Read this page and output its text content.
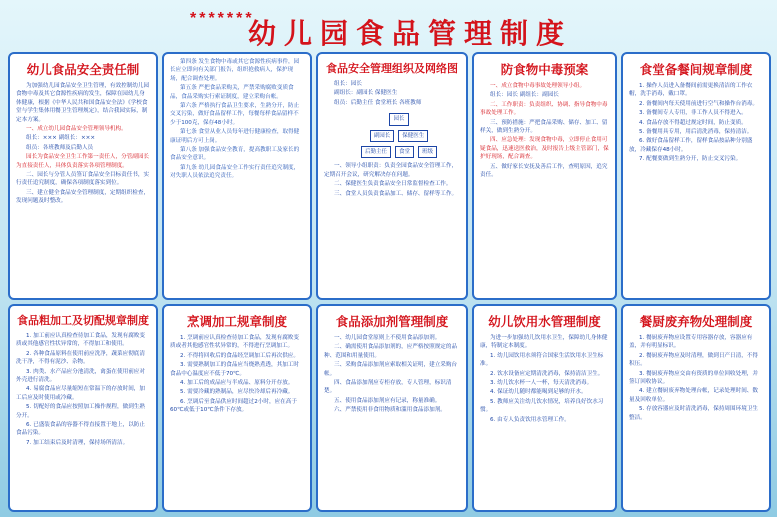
*******
幼儿园食品管理制度
幼儿食品安全责任制

为加强幼儿园食品安全卫生管理，有效控制幼儿园食物中毒及其它食源性疾病的发生，保障在园幼儿身体健康，根据《中华人民共和国食品安全法》《学校食堂与学生集体用餐卫生管理规定》，结合我园实际，制定本方案。

一、成立幼儿园食品安全管理领导机构。

组长：××× 副组长：×××

组员：各班教师及后勤人员

园长为食品安全卫生工作第一责任人，分管副园长为直接责任人，具体负责落实各项管理制度。

二、园长与分管人员签订食品安全目标责任书，实行责任追究制度，确保各项制度落实到位。

三、建立健全食品安全管理制度，定期组织检查，发现问题及时整改。

第四条 发生食物中毒或其它食源性疾病事件，园长应立即向有关部门报告，组织抢救病人，保护现场，配合调查处理。

第五条 严把食品采购关，严禁采购腐败变质食品，食品采购实行索证制度，建立采购台帐。

第六条 严格执行食品卫生要求，生熟分开，防止交叉污染，做好食品留样工作，每餐每样食品留样不少于100克，保存48小时。

第七条 食堂从业人员每年进行健康检查，取得健康证明后方可上岗。

第八条 加强食品安全教育，提高教职工及家长的食品安全意识。

第九条 幼儿园食品安全工作实行责任追究制度，对失职人员依法追究责任。

食品安全管理组织及网络图

组长：园长

副组长：副园长 保健医生

组员：后勤主任 食堂班长 各班教师

园长
副园长	保健医生
后勤主任	食堂	班级

一、领导小组职责：负责全园食品安全管理工作，定期召开会议，研究解决存在问题。

二、保健医生负责食品安全日常监督检查工作。

三、食堂人员负责食品加工、储存、留样等工作。

防食物中毒预案

一、成立食物中毒事故处理领导小组。

组长：园长 副组长：副园长

二、工作职责：负责组织、协调、指导食物中毒事故处理工作。

三、预防措施：严把食品采购、储存、加工、留样关，做到生熟分开。

四、应急处理：发现食物中毒，立即停止食用可疑食品，迅速送医救治，及时报告上级主管部门，保护好现场，配合调查。

五、做好家长安抚及善后工作，查明原因，追究责任。

食堂备餐间规章制度

1. 操作人员进入备餐间前需更换清洁的工作衣帽，洗手消毒，戴口罩。

2. 备餐间内每天使用前进行空气和操作台消毒。

3. 备餐间专人专用，非工作人员不得进入。

4. 食品存放不得超过规定时间，防止变质。

5. 备餐用具专用，用后清洗消毒，保持清洁。

6. 做好食品留样工作，留样食品按品种分别盛放，冷藏保存48小时。

7. 配餐要做到生熟分开，防止交叉污染。

食品粗加工及切配规章制度

1. 加工前应认真检查待加工食品，发现有腐败变质或其他感官性状异常的，不得加工和使用。

2. 各种食品原料在使用前应洗净，蔬菜应彻底清洗干净，不得有泥沙、杂物。

3. 肉类、水产品应分池清洗，禽蛋在使用前应对外壳进行清洗。

4. 易腐食品应尽量缩短在常温下的存放时间，加工后应及时使用或冷藏。

5. 切配好的食品应按照加工操作规程，做到生熟分开。

6. 已盛装食品的容器不得直接置于地上，以防止食品污染。

7. 加工结束后及时清理，保持场所清洁。

烹调加工规章制度

1. 烹调前应认真检查待加工食品，发现有腐败变质或者其他感官性状异常的，不得进行烹调加工。

2. 不得将回收后的食品经烹调加工后再次供应。

3. 需要熟制加工的食品应当烧熟煮透，其加工时食品中心温度应不低于70℃。

4. 加工后的成品应与半成品、原料分开存放。

5. 需要冷藏的熟制品，应尽快冷却后再冷藏。

6. 烹调后至食品供应时间超过2小时，应在高于60℃或低于10℃条件下存放。

食品添加剂管理制度

一、幼儿园食堂原则上不使用食品添加剂。

二、确需使用食品添加剂的，应严格按照规定的品种、范围和用量使用。

三、采购食品添加剂应索取相关证明，建立采购台帐。

四、食品添加剂应专柜存放，专人管理，标识清楚。

五、使用食品添加剂应有记录，称量准确。

六、严禁使用非食用物质和滥用食品添加剂。

幼儿饮用水管理制度

为进一步加强幼儿饮用水卫生，保障幼儿身体健康，特制定本制度。

1. 幼儿园饮用水须符合国家生活饮用水卫生标准。

2. 饮水设备应定期清洗消毒，保持清洁卫生。

3. 幼儿饮水杯一人一杯，每天清洗消毒。

4. 保证幼儿随时都能喝到足够的开水。

5. 教师应关注幼儿饮水情况，培养良好饮水习惯。

6. 由专人负责饮用水管理工作。

餐厨废弃物处理制度

1. 餐厨废弃物应设置专用容器存放，容器应有盖，并有明显标识。

2. 餐厨废弃物应及时清理，做到日产日清，不得积压。

3. 餐厨废弃物应交由有资质的单位回收处理，并签订回收协议。

4. 建立餐厨废弃物处理台帐，记录处理时间、数量及回收单位。

5. 存放容器应及时清洗消毒，保持周围环境卫生整洁。
